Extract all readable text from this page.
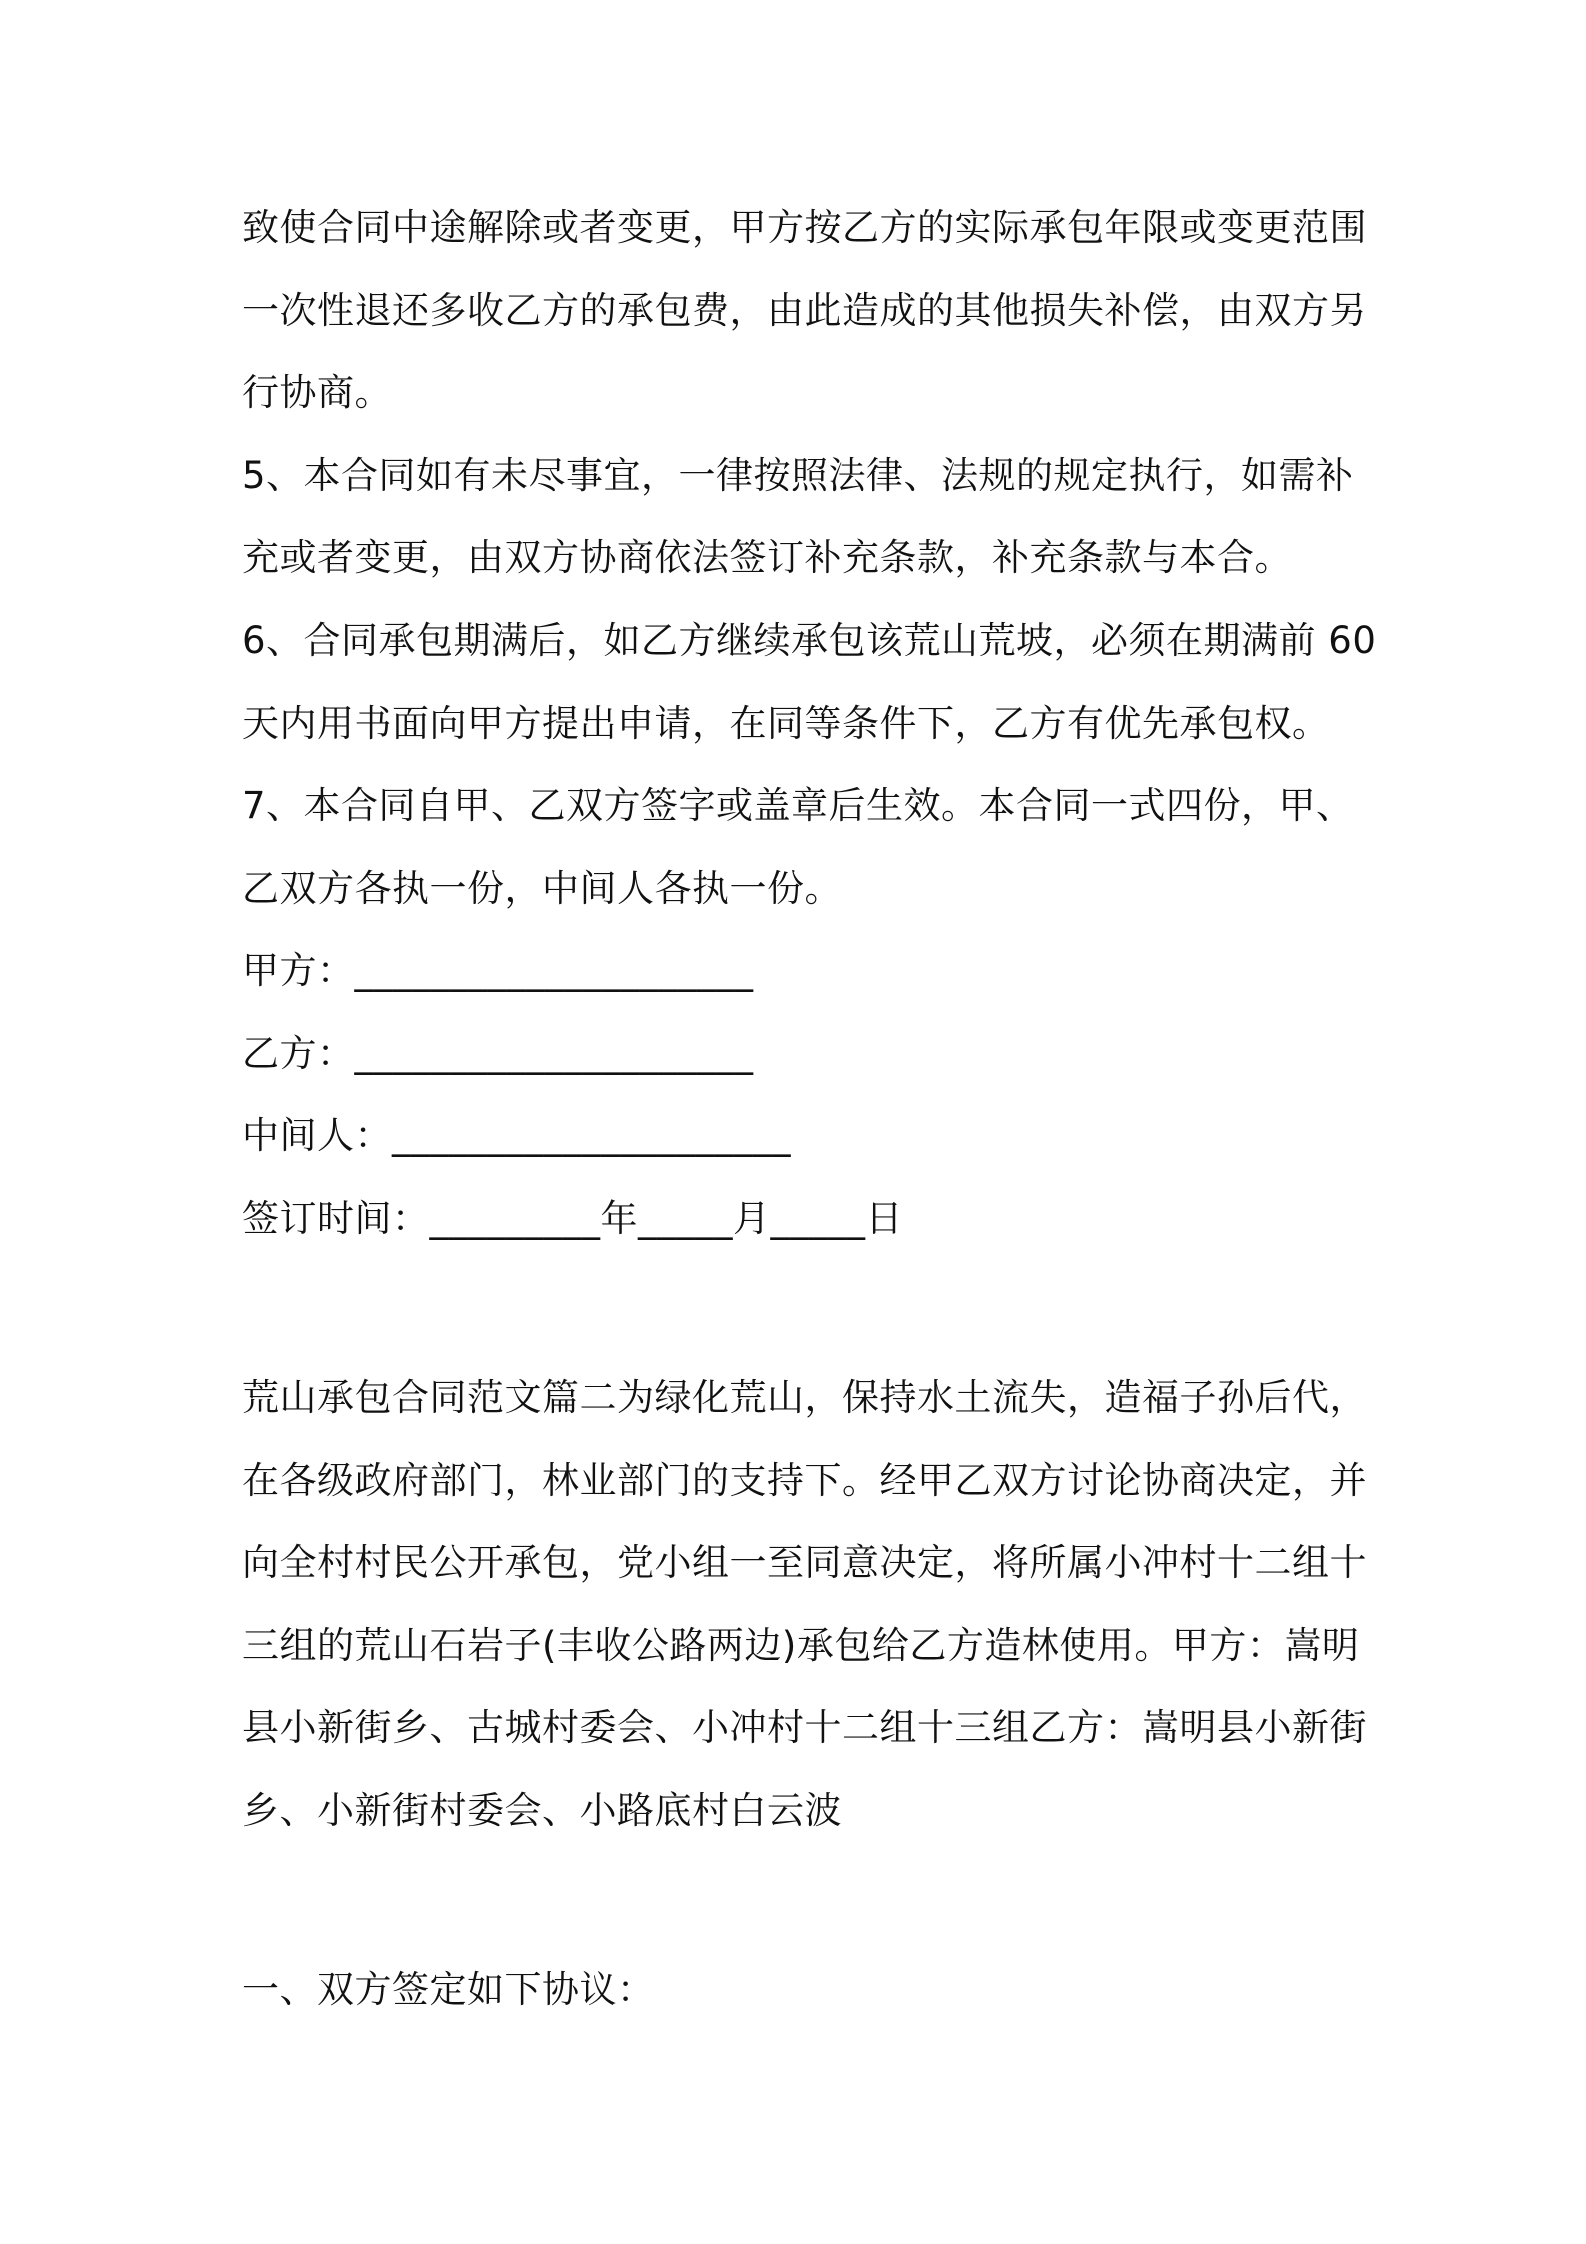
致使合同中途解除或者变更，甲方按乙方的实际承包年限或变更范围
一次性退还多收乙方的承包费，由此造成的其他损失补偿，由双方另
行协商。
5、本合同如有未尽事宜，一律按照法律、法规的规定执行，如需补
充或者变更，由双方协商依法签订补充条款，补充条款与本合。
6、合同承包期满后，如乙方继续承包该荒山荒坡，必须在期满前 60
天内用书面向甲方提出申请，在同等条件下，乙方有优先承包权。
7、本合同自甲、乙双方签字或盖章后生效。本合同一式四份，甲、
乙双方各执一份，中间人各执一份。
甲方：_____________________
乙方：_____________________
中间人：_____________________
签订时间：_________年_____月_____日
荒山承包合同范文篇二为绿化荒山，保持水土流失，造福子孙后代，
在各级政府部门，林业部门的支持下。经甲乙双方讨论协商决定，并
向全村村民公开承包，党小组一至同意决定，将所属小冲村十二组十
三组的荒山石岩子(丰收公路两边)承包给乙方造林使用。甲方：嵩明
县小新街乡、古城村委会、小冲村十二组十三组乙方：嵩明县小新街
乡、小新街村委会、小路底村白云波
一、双方签定如下协议：
